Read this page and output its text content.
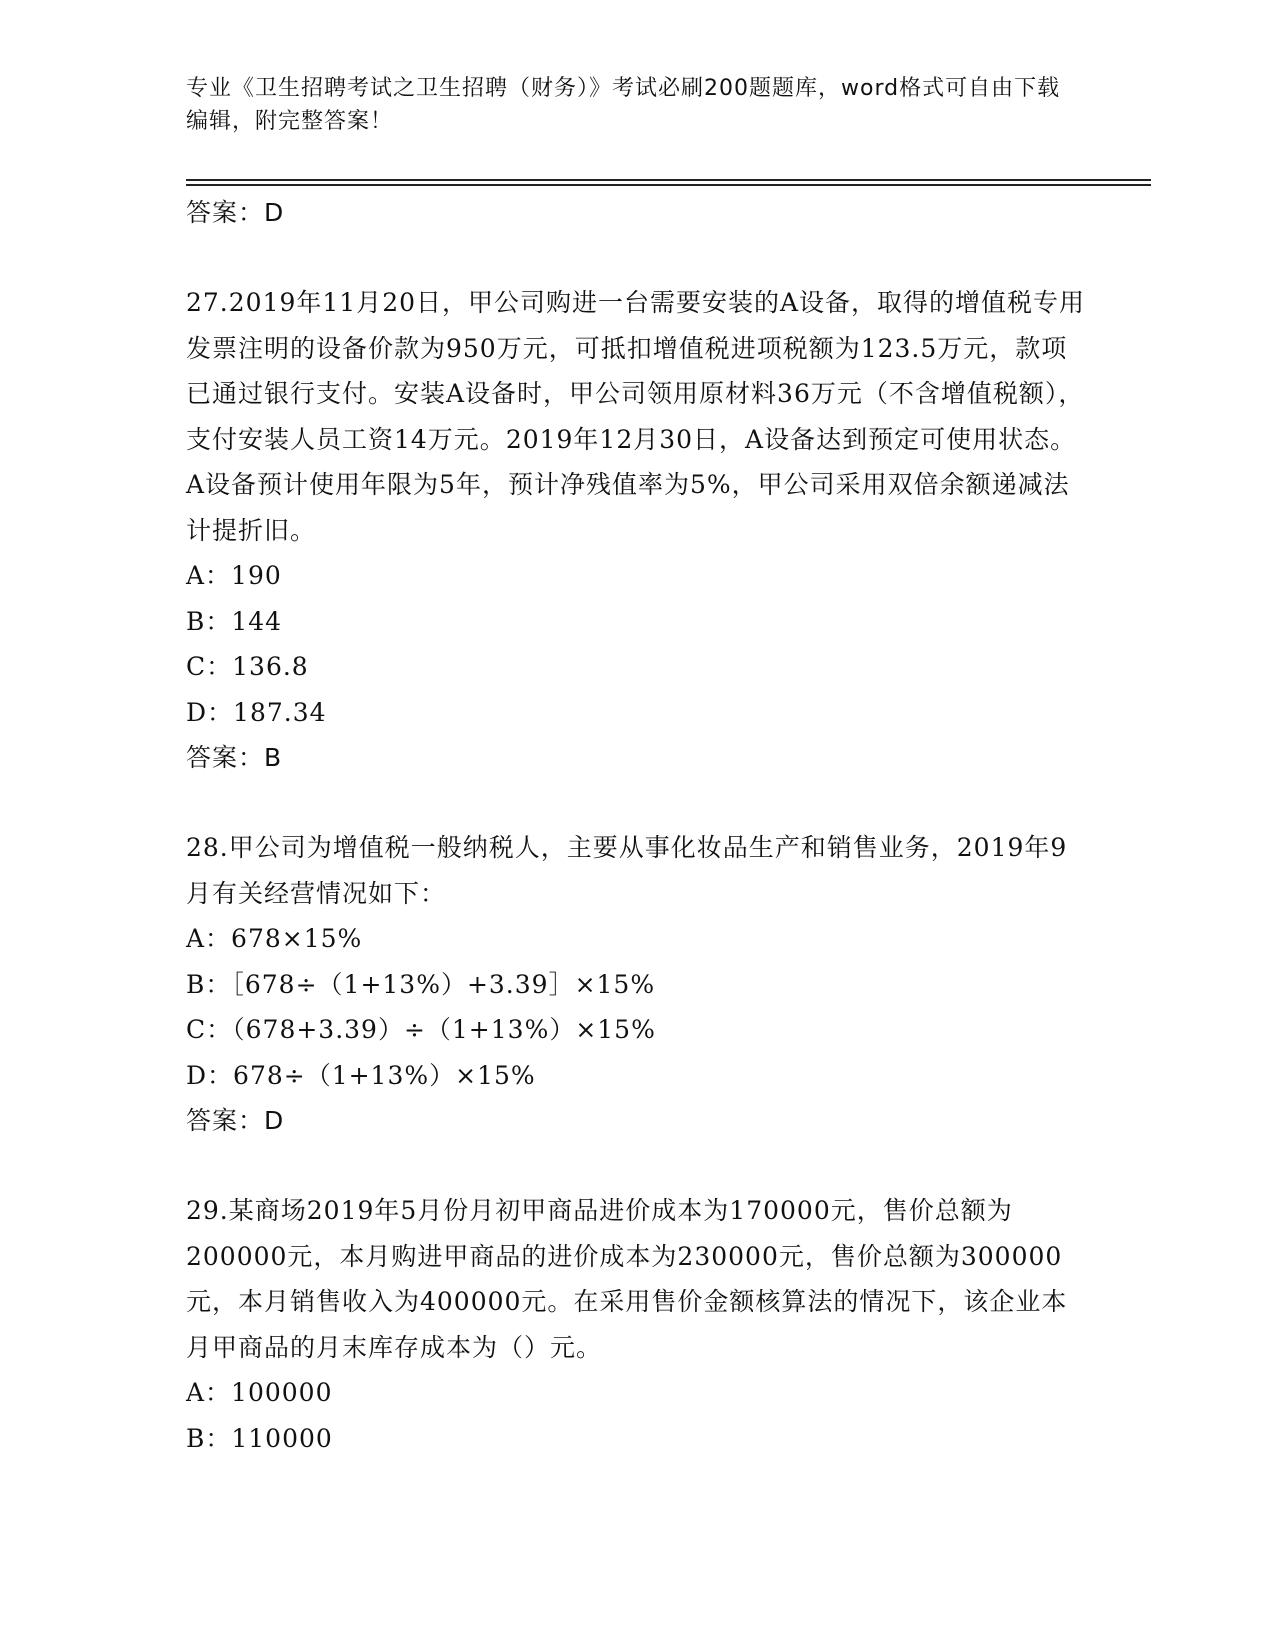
专业《卫生招聘考试之卫生招聘（财务）》考试必刷200题题库，word格式可自由下载编辑，附完整答案！
答案：D
27.2019年11月20日，甲公司购进一台需要安装的A设备，取得的增值税专用发票注明的设备价款为950万元，可抵扣增值税进项税额为123.5万元，款项已通过银行支付。安装A设备时，甲公司领用原材料36万元（不含增值税额），支付安装人员工资14万元。2019年12月30日，A设备达到预定可使用状态。A设备预计使用年限为5年，预计净残值率为5%，甲公司采用双倍余额递减法计提折旧。
A：190
B：144
C：136.8
D：187.34
答案：B
28.甲公司为增值税一般纳税人，主要从事化妆品生产和销售业务，2019年9月有关经营情况如下：
A：678×15%
B：［678÷（1+13%）+3.39］×15%
C：（678+3.39）÷（1+13%）×15%
D：678÷（1+13%）×15%
答案：D
29.某商场2019年5月份月初甲商品进价成本为170000元，售价总额为200000元，本月购进甲商品的进价成本为230000元，售价总额为300000元，本月销售收入为400000元。在采用售价金额核算法的情况下，该企业本月甲商品的月末库存成本为（）元。
A：100000
B：110000
